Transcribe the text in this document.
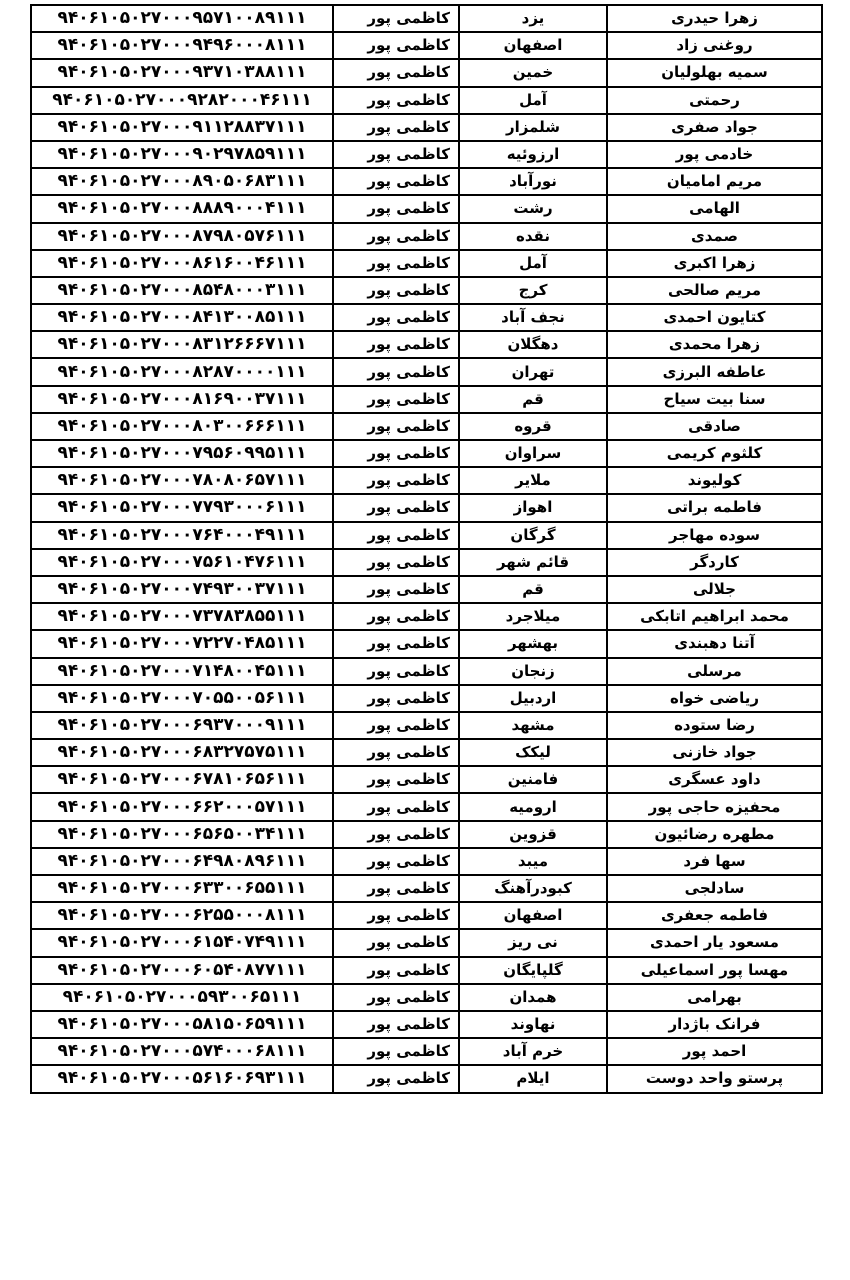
۹۴۰۶۱۰۵۰۲۷۰۰۰۹۵۷۱۰۰۸۹۱۱۱	کاظمی پور	یزد	زهرا حیدری
۹۴۰۶۱۰۵۰۲۷۰۰۰۹۴۹۶۰۰۰۸۱۱۱	کاظمی پور	اصفهان	روغنی زاد
۹۴۰۶۱۰۵۰۲۷۰۰۰۹۳۷۱۰۳۸۸۱۱۱	کاظمی پور	خمین	سمیه بهلولیان
۹۴۰۶۱۰۵۰۲۷۰۰۰۹۲۸۲۰۰۰۴۶۱۱۱	کاظمی پور	آمل	رحمتی
۹۴۰۶۱۰۵۰۲۷۰۰۰۹۱۱۲۸۸۳۷۱۱۱	کاظمی پور	شلمزار	جواد صفری
۹۴۰۶۱۰۵۰۲۷۰۰۰۹۰۲۹۷۸۵۹۱۱۱	کاظمی پور	ارزوئیه	خادمی پور
۹۴۰۶۱۰۵۰۲۷۰۰۰۸۹۰۵۰۶۸۳۱۱۱	کاظمی پور	نورآباد	مریم امامیان
۹۴۰۶۱۰۵۰۲۷۰۰۰۸۸۸۹۰۰۰۴۱۱۱	کاظمی پور	رشت	الهامی
۹۴۰۶۱۰۵۰۲۷۰۰۰۸۷۹۸۰۵۷۶۱۱۱	کاظمی پور	نقده	صمدی
۹۴۰۶۱۰۵۰۲۷۰۰۰۸۶۱۶۰۰۴۶۱۱۱	کاظمی پور	آمل	زهرا اکبری
۹۴۰۶۱۰۵۰۲۷۰۰۰۸۵۴۸۰۰۰۳۱۱۱	کاظمی پور	کرج	مریم صالحی
۹۴۰۶۱۰۵۰۲۷۰۰۰۸۴۱۳۰۰۸۵۱۱۱	کاظمی پور	نجف آباد	کتایون احمدی
۹۴۰۶۱۰۵۰۲۷۰۰۰۸۳۱۲۶۶۶۷۱۱۱	کاظمی پور	دهگلان	زهرا محمدی
۹۴۰۶۱۰۵۰۲۷۰۰۰۸۲۸۷۰۰۰۰۱۱۱	کاظمی پور	تهران	عاطفه البرزی
۹۴۰۶۱۰۵۰۲۷۰۰۰۸۱۶۹۰۰۳۷۱۱۱	کاظمی پور	قم	سنا بیت سیاح
۹۴۰۶۱۰۵۰۲۷۰۰۰۸۰۳۰۰۶۶۶۱۱۱	کاظمی پور	قروه	صادقی
۹۴۰۶۱۰۵۰۲۷۰۰۰۷۹۵۶۰۹۹۵۱۱۱	کاظمی پور	سراوان	کلثوم کریمی
۹۴۰۶۱۰۵۰۲۷۰۰۰۷۸۰۸۰۶۵۷۱۱۱	کاظمی پور	ملایر	کولیوند
۹۴۰۶۱۰۵۰۲۷۰۰۰۷۷۹۳۰۰۰۶۱۱۱	کاظمی پور	اهواز	فاطمه براتی
۹۴۰۶۱۰۵۰۲۷۰۰۰۷۶۴۰۰۰۴۹۱۱۱	کاظمی پور	گرگان	سوده مهاجر
۹۴۰۶۱۰۵۰۲۷۰۰۰۷۵۶۱۰۴۷۶۱۱۱	کاظمی پور	قائم شهر	کاردگر
۹۴۰۶۱۰۵۰۲۷۰۰۰۷۴۹۳۰۰۳۷۱۱۱	کاظمی پور	قم	جلالی
۹۴۰۶۱۰۵۰۲۷۰۰۰۷۳۷۸۳۸۵۵۱۱۱	کاظمی پور	میلاجرد	محمد ابراهیم اتابکی
۹۴۰۶۱۰۵۰۲۷۰۰۰۷۲۲۷۰۴۸۵۱۱۱	کاظمی پور	بهشهر	آتنا دهبندی
۹۴۰۶۱۰۵۰۲۷۰۰۰۷۱۴۸۰۰۴۵۱۱۱	کاظمی پور	زنجان	مرسلی
۹۴۰۶۱۰۵۰۲۷۰۰۰۷۰۵۵۰۰۵۶۱۱۱	کاظمی پور	اردبیل	ریاضی خواه
۹۴۰۶۱۰۵۰۲۷۰۰۰۶۹۳۷۰۰۰۹۱۱۱	کاظمی پور	مشهد	رضا ستوده
۹۴۰۶۱۰۵۰۲۷۰۰۰۶۸۳۲۷۵۷۵۱۱۱	کاظمی پور	لیکک	جواد خازنی
۹۴۰۶۱۰۵۰۲۷۰۰۰۶۷۸۱۰۶۵۶۱۱۱	کاظمی پور	فامنین	داود عسگری
۹۴۰۶۱۰۵۰۲۷۰۰۰۶۶۲۰۰۰۵۷۱۱۱	کاظمی پور	ارومیه	محفیزه حاجی پور
۹۴۰۶۱۰۵۰۲۷۰۰۰۶۵۶۵۰۰۳۴۱۱۱	کاظمی پور	قزوین	مطهره رضائیون
۹۴۰۶۱۰۵۰۲۷۰۰۰۶۴۹۸۰۸۹۶۱۱۱	کاظمی پور	میبد	سها فرد
۹۴۰۶۱۰۵۰۲۷۰۰۰۶۳۳۰۰۶۵۵۱۱۱	کاظمی پور	کبودرآهنگ	سادلجی
۹۴۰۶۱۰۵۰۲۷۰۰۰۶۲۵۵۰۰۰۸۱۱۱	کاظمی پور	اصفهان	فاطمه جعفری
۹۴۰۶۱۰۵۰۲۷۰۰۰۶۱۵۴۰۷۴۹۱۱۱	کاظمی پور	نی ریز	مسعود یار احمدی
۹۴۰۶۱۰۵۰۲۷۰۰۰۶۰۵۴۰۸۷۷۱۱۱	کاظمی پور	گلپایگان	مهسا پور اسماعیلی
۹۴۰۶۱۰۵۰۲۷۰۰۰۵۹۳۰۰۶۵۱۱۱	کاظمی پور	همدان	بهرامی
۹۴۰۶۱۰۵۰۲۷۰۰۰۵۸۱۵۰۶۵۹۱۱۱	کاظمی پور	نهاوند	فرانک باژدار
۹۴۰۶۱۰۵۰۲۷۰۰۰۵۷۴۰۰۰۶۸۱۱۱	کاظمی پور	خرم آباد	احمد پور
۹۴۰۶۱۰۵۰۲۷۰۰۰۵۶۱۶۰۶۹۳۱۱۱	کاظمی پور	ایلام	پرستو واحد دوست
